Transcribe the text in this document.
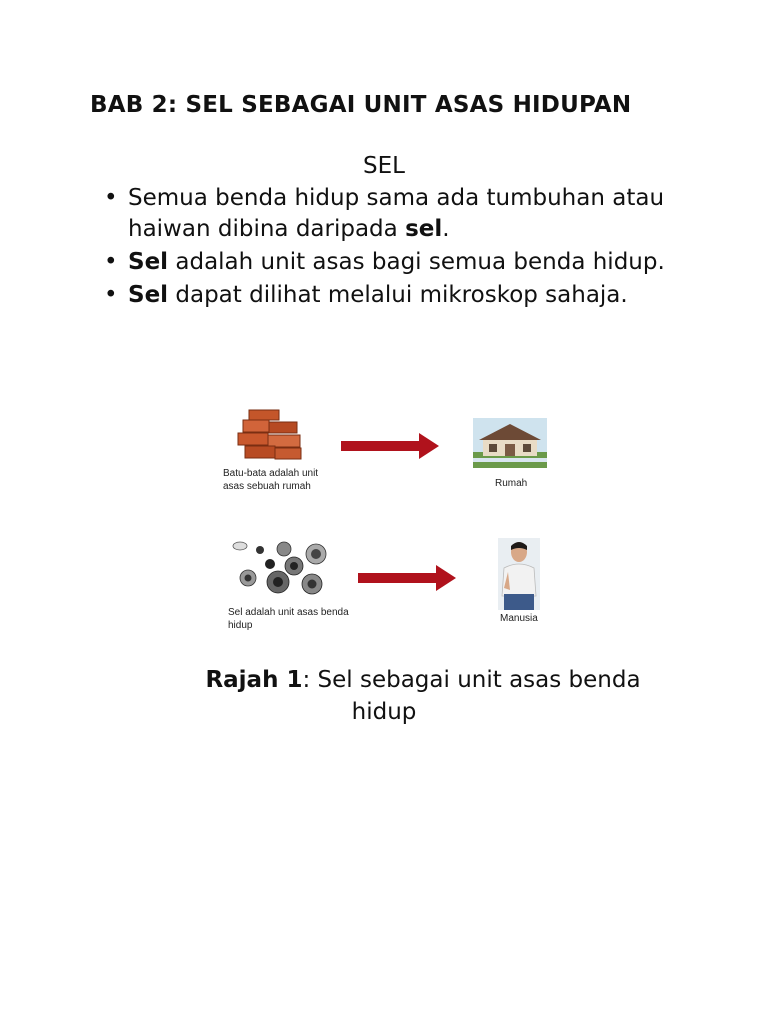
BAB 2: SEL SEBAGAI UNIT ASAS HIDUPAN
SEL
• Semua benda hidup sama ada tumbuhan atau haiwan dibina daripada sel.
• Sel adalah unit asas bagi semua benda hidup.
• Sel dapat dilihat melalui mikroskop sahaja.
Batu-bata adalah unit
asas sebuah rumah	Rumah
Sel adalah unit asas benda
hidup
Manusia
Rajah 1: Sel sebagai unit asas benda
hidup
